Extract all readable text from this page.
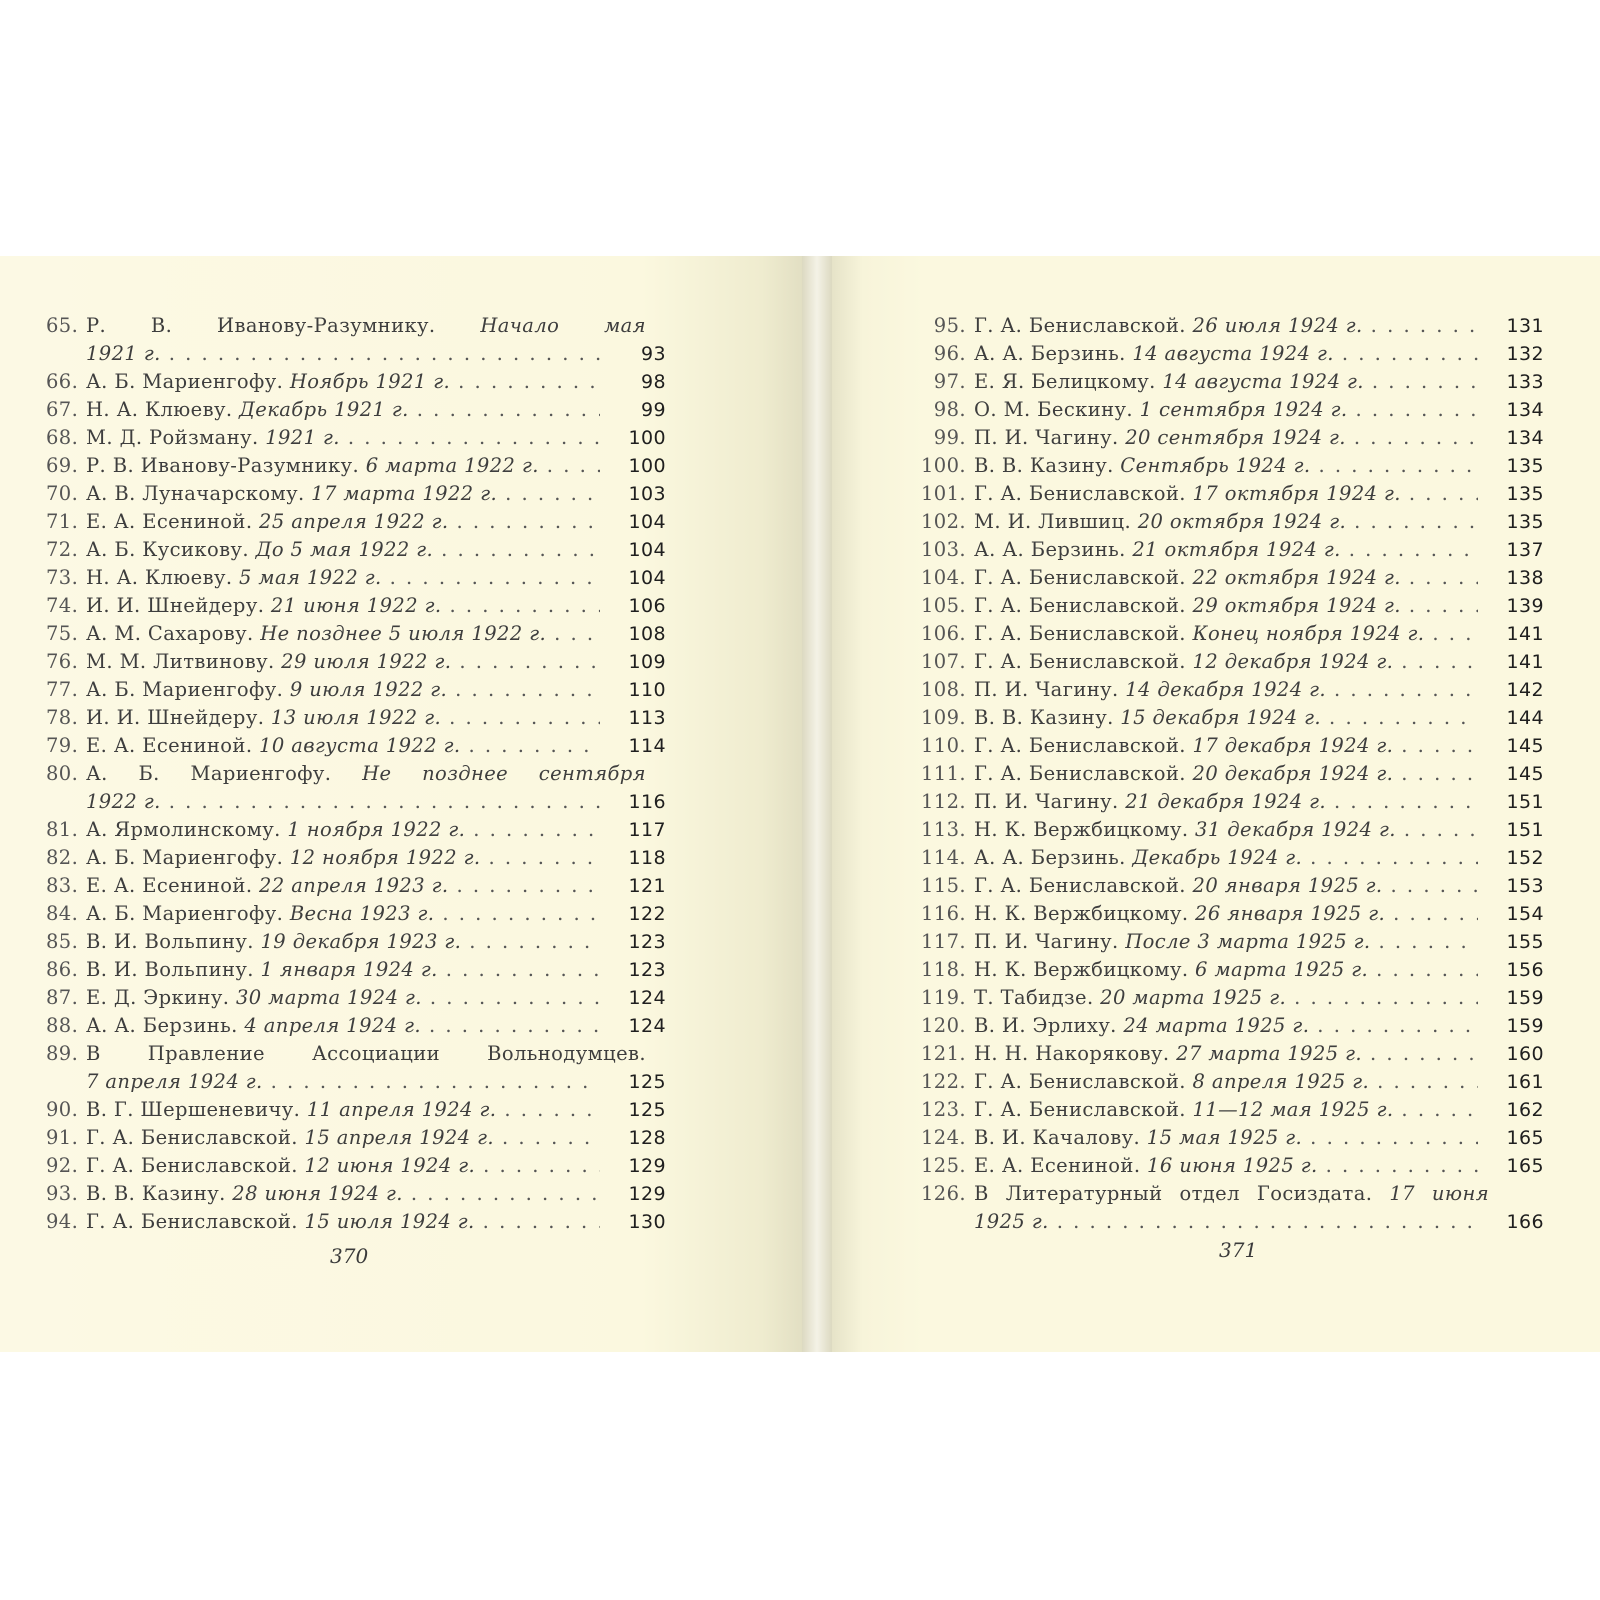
65. Р. В. Иванову-Разумнику. Начало мая
1921 г. . . .	93
66. А. Б. Мариенгофу. Ноябрь 1921 г. . . .	98
67. Н. А. Клюеву. Декабрь 1921 г. . . .	99
68. М. Д. Ройзману. 1921 г. . . .	100
69. Р. В. Иванову-Разумнику. 6 марта 1922 г. . . .	100
70. А. В. Луначарскому. 17 марта 1922 г. . . .	103
71. Е. А. Есениной. 25 апреля 1922 г. . . .	104
72. А. Б. Кусикову. До 5 мая 1922 г. . . .	104
73. Н. А. Клюеву. 5 мая 1922 г. . . .	104
74. И. И. Шнейдеру. 21 июня 1922 г. . . .	106
75. А. М. Сахарову. Не позднее 5 июля 1922 г. . . .	108
76. М. М. Литвинову. 29 июля 1922 г. . . .	109
77. А. Б. Мариенгофу. 9 июля 1922 г. . . .	110
78. И. И. Шнейдеру. 13 июля 1922 г. . . .	113
79. Е. А. Есениной. 10 августа 1922 г. . . .	114
80. А. Б. Мариенгофу. Не позднее сентября
1922 г. . . .	116
81. А. Ярмолинскому. 1 ноября 1922 г. . . .	117
82. А. Б. Мариенгофу. 12 ноября 1922 г. . . .	118
83. Е. А. Есениной. 22 апреля 1923 г. . . .	121
84. А. Б. Мариенгофу. Весна 1923 г. . . .	122
85. В. И. Вольпину. 19 декабря 1923 г. . . .	123
86. В. И. Вольпину. 1 января 1924 г. . . .	123
87. Е. Д. Эркину. 30 марта 1924 г. . . .	124
88. А. А. Берзинь. 4 апреля 1924 г. . . .	124
89. В Правление Ассоциации Вольнодумцев.
7 апреля 1924 г. . . .	125
90. В. Г. Шершеневичу. 11 апреля 1924 г. . . .	125
91. Г. А. Бениславской. 15 апреля 1924 г. . . .	128
92. Г. А. Бениславской. 12 июня 1924 г. . . .	129
93. В. В. Казину. 28 июня 1924 г. . . .	129
94. Г. А. Бениславской. 15 июля 1924 г. . . .	130
370
95. Г. А. Бениславской. 26 июля 1924 г. . . .	131
96. А. А. Берзинь. 14 августа 1924 г. . . .	132
97. Е. Я. Белицкому. 14 августа 1924 г. . . .	133
98. О. М. Бескину. 1 сентября 1924 г. . . .	134
99. П. И. Чагину. 20 сентября 1924 г. . . .	134
100. В. В. Казину. Сентябрь 1924 г. . . .	135
101. Г. А. Бениславской. 17 октября 1924 г. . . .	135
102. М. И. Лившиц. 20 октября 1924 г. . . .	135
103. А. А. Берзинь. 21 октября 1924 г. . . .	137
104. Г. А. Бениславской. 22 октября 1924 г. . . .	138
105. Г. А. Бениславской. 29 октября 1924 г. . . .	139
106. Г. А. Бениславской. Конец ноября 1924 г. . . .	141
107. Г. А. Бениславской. 12 декабря 1924 г. . . .	141
108. П. И. Чагину. 14 декабря 1924 г. . . .	142
109. В. В. Казину. 15 декабря 1924 г. . . .	144
110. Г. А. Бениславской. 17 декабря 1924 г. . . .	145
111. Г. А. Бениславской. 20 декабря 1924 г. . . .	145
112. П. И. Чагину. 21 декабря 1924 г. . . .	151
113. Н. К. Вержбицкому. 31 декабря 1924 г. . . .	151
114. А. А. Берзинь. Декабрь 1924 г. . . .	152
115. Г. А. Бениславской. 20 января 1925 г. . . .	153
116. Н. К. Вержбицкому. 26 января 1925 г. . . .	154
117. П. И. Чагину. После 3 марта 1925 г. . . .	155
118. Н. К. Вержбицкому. 6 марта 1925 г. . . .	156
119. Т. Табидзе. 20 марта 1925 г. . . .	159
120. В. И. Эрлиху. 24 марта 1925 г. . . .	159
121. Н. Н. Накорякову. 27 марта 1925 г. . . .	160
122. Г. А. Бениславской. 8 апреля 1925 г. . . .	161
123. Г. А. Бениславской. 11—12 мая 1925 г. . . .	162
124. В. И. Качалову. 15 мая 1925 г. . . .	165
125. Е. А. Есениной. 16 июня 1925 г. . . .	165
126. В Литературный отдел Госиздата. 17 июня
1925 г. . . .	166
371
